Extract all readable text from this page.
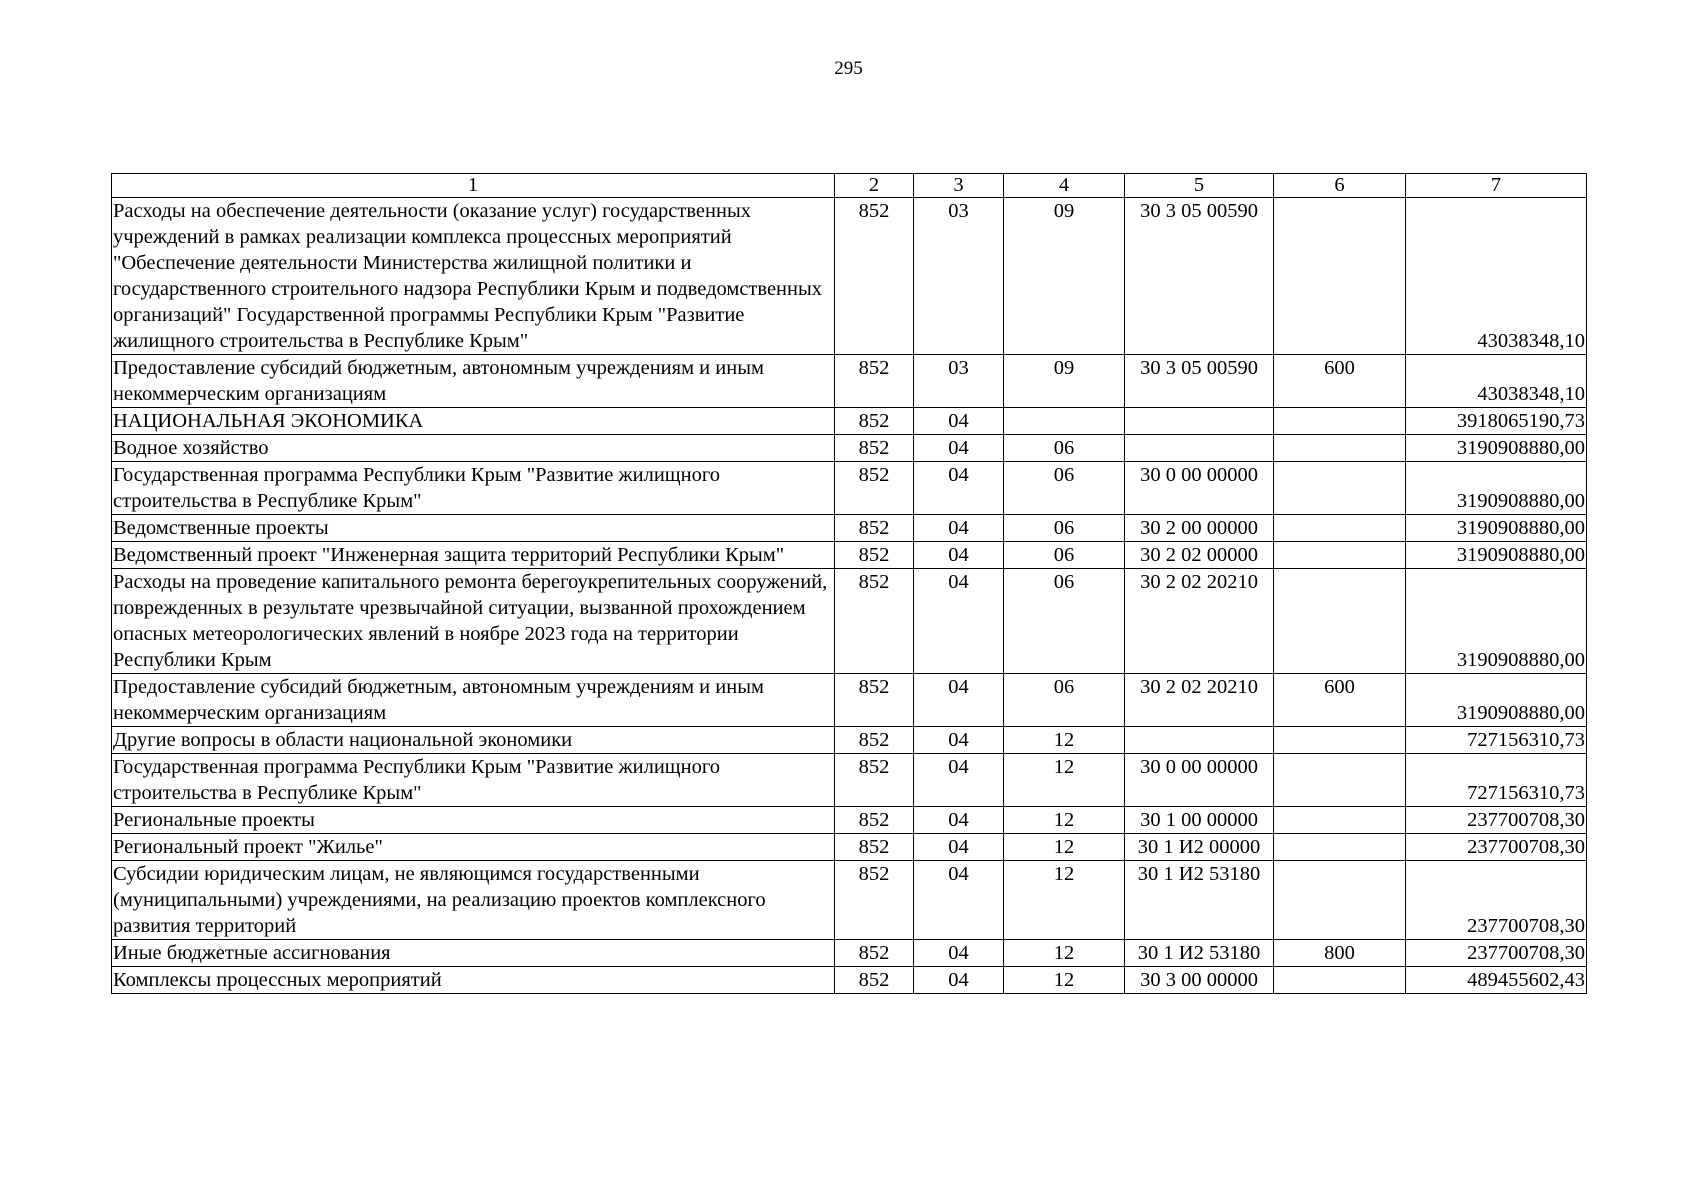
295
1	2	3	4	5	6	7
Расходы на обеспечение деятельности (оказание услуг) государственных учреждений в рамках реализации комплекса процессных мероприятий "Обеспечение деятельности Министерства жилищной политики и государственного строительного надзора Республики Крым и подведомственных организаций" Государственной программы Республики Крым "Развитие жилищного строительства в Республике Крым"	852	03	09	30 3 05 00590		43038348,10
Предоставление субсидий бюджетным, автономным учреждениям и иным некоммерческим организациям	852	03	09	30 3 05 00590	600	43038348,10
НАЦИОНАЛЬНАЯ ЭКОНОМИКА	852	04				3918065190,73
Водное хозяйство	852	04	06			3190908880,00
Государственная программа Республики Крым "Развитие жилищного строительства в Республике Крым"	852	04	06	30 0 00 00000		3190908880,00
Ведомственные проекты	852	04	06	30 2 00 00000		3190908880,00
Ведомственный проект "Инженерная защита территорий Республики Крым"	852	04	06	30 2 02 00000		3190908880,00
Расходы на проведение капитального ремонта берегоукрепительных сооружений, поврежденных в результате чрезвычайной ситуации, вызванной прохождением опасных метеорологических явлений в ноябре 2023 года на территории Республики Крым	852	04	06	30 2 02 20210		3190908880,00
Предоставление субсидий бюджетным, автономным учреждениям и иным некоммерческим организациям	852	04	06	30 2 02 20210	600	3190908880,00
Другие вопросы в области национальной экономики	852	04	12			727156310,73
Государственная программа Республики Крым "Развитие жилищного строительства в Республике Крым"	852	04	12	30 0 00 00000		727156310,73
Региональные проекты	852	04	12	30 1 00 00000		237700708,30
Региональный проект "Жилье"	852	04	12	30 1 И2 00000		237700708,30
Субсидии юридическим лицам, не являющимся государственными (муниципальными) учреждениями, на реализацию проектов комплексного развития территорий	852	04	12	30 1 И2 53180		237700708,30
Иные бюджетные ассигнования	852	04	12	30 1 И2 53180	800	237700708,30
Комплексы процессных мероприятий	852	04	12	30 3 00 00000		489455602,43
